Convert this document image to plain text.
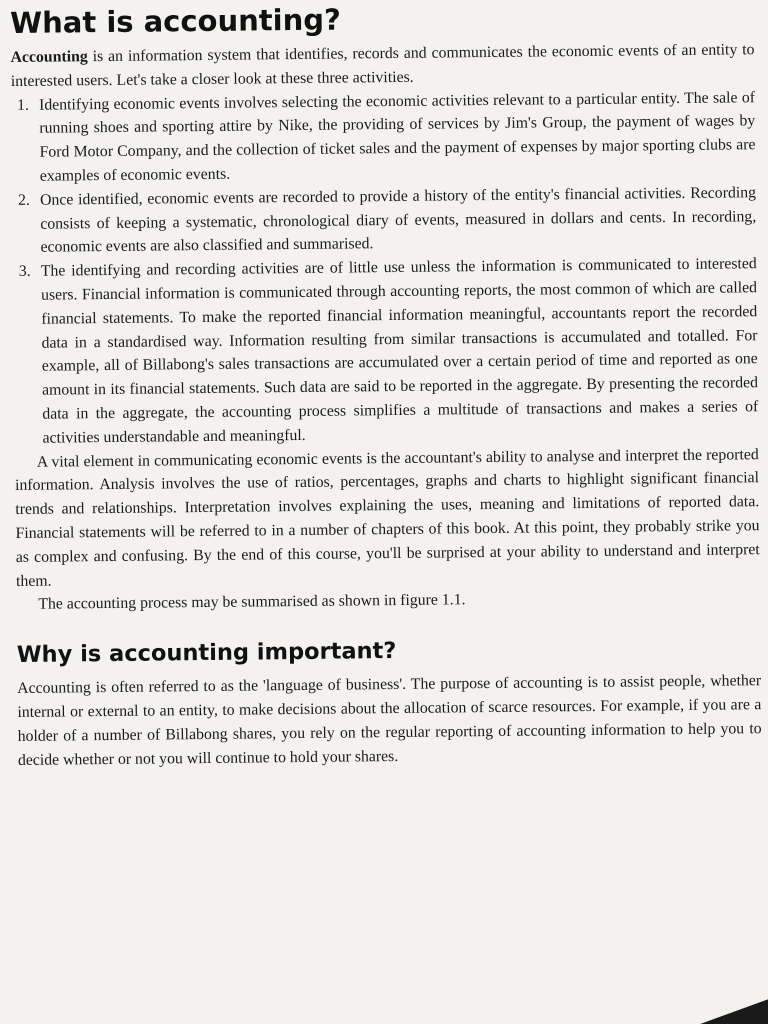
What is accounting?

Accounting is an information system that identifies, records and communicates the economic events of an entity to interested users. Let's take a closer look at these three activities.

1. Identifying economic events involves selecting the economic activities relevant to a particular entity. The sale of running shoes and sporting attire by Nike, the providing of services by Jim's Group, the payment of wages by Ford Motor Company, and the collection of ticket sales and the payment of expenses by major sporting clubs are examples of economic events.
2. Once identified, economic events are recorded to provide a history of the entity's financial activities. Recording consists of keeping a systematic, chronological diary of events, measured in dollars and cents. In recording, economic events are also classified and summarised.
3. The identifying and recording activities are of little use unless the information is communicated to interested users. Financial information is communicated through accounting reports, the most common of which are called financial statements. To make the reported financial information meaningful, accountants report the recorded data in a standardised way. Information resulting from similar transactions is accumulated and totalled. For example, all of Billabong's sales transactions are accumulated over a certain period of time and reported as one amount in its financial statements. Such data are said to be reported in the aggregate. By presenting the recorded data in the aggregate, the accounting process simplifies a multitude of transactions and makes a series of activities understandable and meaningful.

A vital element in communicating economic events is the accountant's ability to analyse and interpret the reported information. Analysis involves the use of ratios, percentages, graphs and charts to highlight significant financial trends and relationships. Interpretation involves explaining the uses, meaning and limitations of reported data. Financial statements will be referred to in a number of chapters of this book. At this point, they probably strike you as complex and confusing. By the end of this course, you'll be surprised at your ability to understand and interpret them.

The accounting process may be summarised as shown in figure 1.1.

Why is accounting important?

Accounting is often referred to as the 'language of business'. The purpose of accounting is to assist people, whether internal or external to an entity, to make decisions about the allocation of scarce resources. For example, if you are a holder of a number of Billabong shares, you rely on the regular reporting of accounting information to help you to decide whether or not you will continue to hold your shares.
